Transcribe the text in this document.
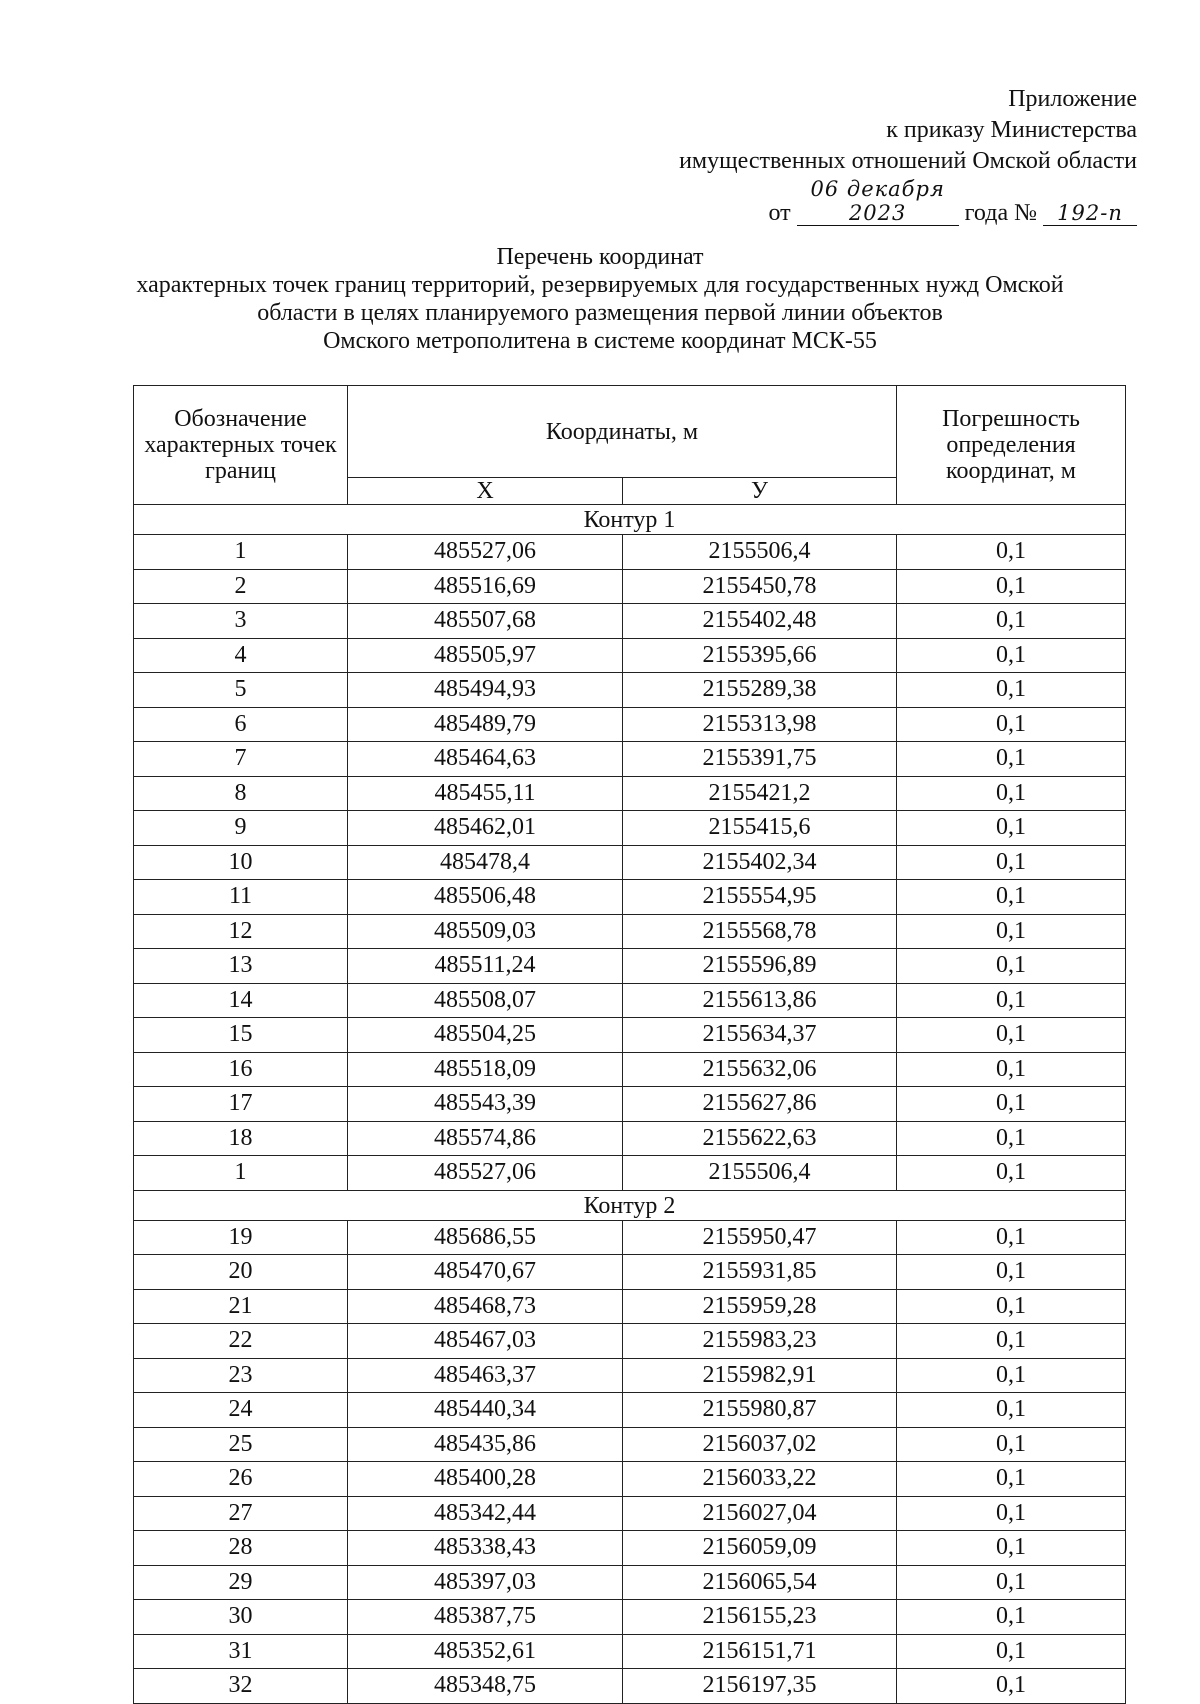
Приложение
к приказу Министерства
имущественных отношений Омской области
от 06 декабря 2023 года № 192-п
Перечень координат
характерных точек границ территорий, резервируемых для государственных нужд Омской
области в целях планируемого размещения первой линии объектов
Омского метрополитена в системе координат МСК-55
Обозначение характерных точек границ	Координаты, м		Погрешность определения координат, м
	Х	У	
Контур 1			
1	485527,06	2155506,4	0,1
2	485516,69	2155450,78	0,1
3	485507,68	2155402,48	0,1
4	485505,97	2155395,66	0,1
5	485494,93	2155289,38	0,1
6	485489,79	2155313,98	0,1
7	485464,63	2155391,75	0,1
8	485455,11	2155421,2	0,1
9	485462,01	2155415,6	0,1
10	485478,4	2155402,34	0,1
11	485506,48	2155554,95	0,1
12	485509,03	2155568,78	0,1
13	485511,24	2155596,89	0,1
14	485508,07	2155613,86	0,1
15	485504,25	2155634,37	0,1
16	485518,09	2155632,06	0,1
17	485543,39	2155627,86	0,1
18	485574,86	2155622,63	0,1
1	485527,06	2155506,4	0,1
Контур 2			
19	485686,55	2155950,47	0,1
20	485470,67	2155931,85	0,1
21	485468,73	2155959,28	0,1
22	485467,03	2155983,23	0,1
23	485463,37	2155982,91	0,1
24	485440,34	2155980,87	0,1
25	485435,86	2156037,02	0,1
26	485400,28	2156033,22	0,1
27	485342,44	2156027,04	0,1
28	485338,43	2156059,09	0,1
29	485397,03	2156065,54	0,1
30	485387,75	2156155,23	0,1
31	485352,61	2156151,71	0,1
32	485348,75	2156197,35	0,1
